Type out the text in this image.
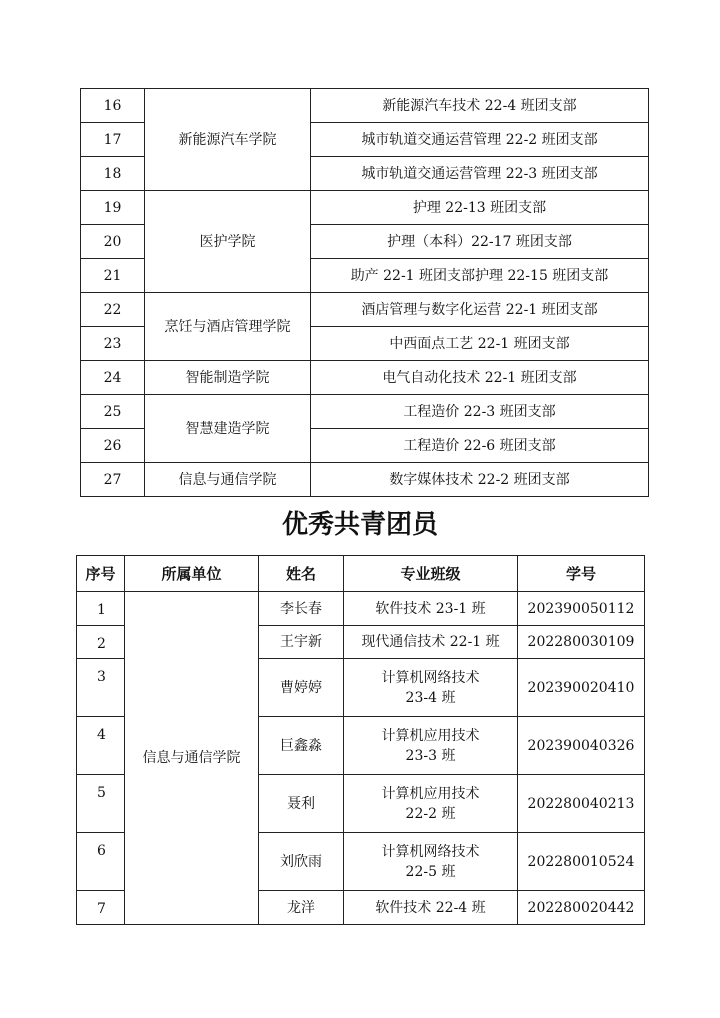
16	新能源汽车学院	新能源汽车技术 22-4 班团支部
17		城市轨道交通运营管理 22-2 班团支部
18		城市轨道交通运营管理 22-3 班团支部
19	医护学院	护理 22-13 班团支部
20		护理（本科）22-17 班团支部
21		助产 22-1 班团支部护理 22-15 班团支部
22	烹饪与酒店管理学院	酒店管理与数字化运营 22-1 班团支部
23		中西面点工艺 22-1 班团支部
24	智能制造学院	电气自动化技术 22-1 班团支部
25	智慧建造学院	工程造价 22-3 班团支部
26		工程造价 22-6 班团支部
27	信息与通信学院	数字媒体技术 22-2 班团支部
优秀共青团员
序号	所属单位	姓名	专业班级	学号
1	信息与通信学院	李长春	软件技术 23-1 班	202390050112
2		王宇新	现代通信技术 22-1 班	202280030109
3		曹婷婷	计算机网络技术
23-4 班	202390020410
4		巨鑫淼	计算机应用技术
23-3 班	202390040326
5		聂利	计算机应用技术
22-2 班	202280040213
6		刘欣雨	计算机网络技术
22-5 班	202280010524
7		龙洋	软件技术 22-4 班	202280020442
